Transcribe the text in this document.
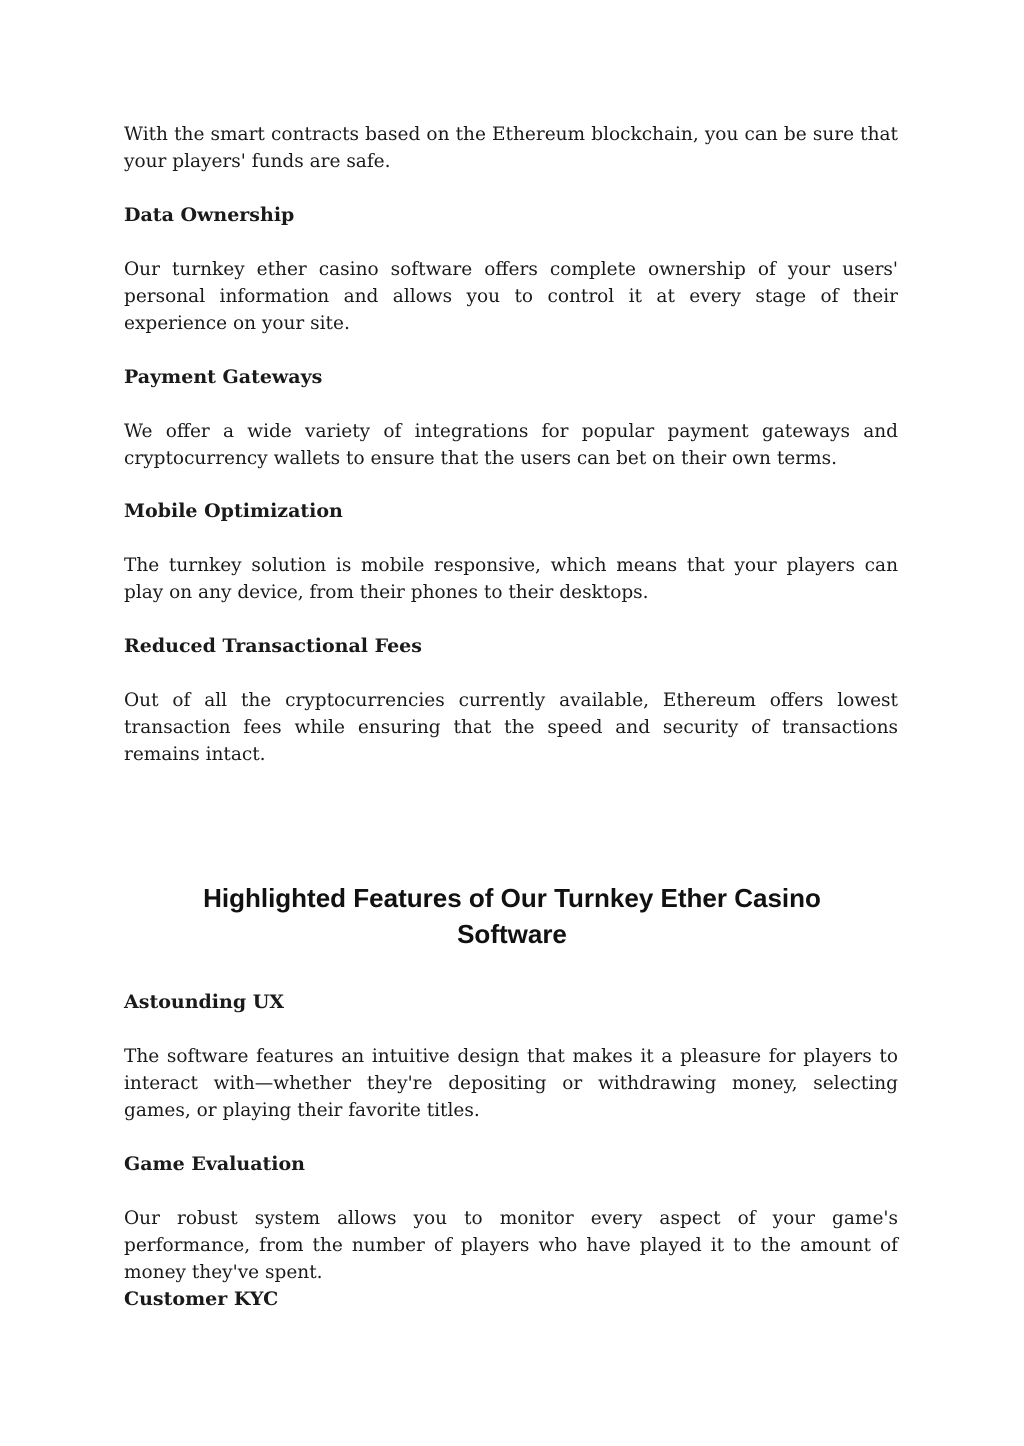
With the smart contracts based on the Ethereum blockchain, you can be sure that your players' funds are safe.

Data Ownership

Our turnkey ether casino software offers complete ownership of your users' personal information and allows you to control it at every stage of their experience on your site.

Payment Gateways

We offer a wide variety of integrations for popular payment gateways and cryptocurrency wallets to ensure that the users can bet on their own terms.

Mobile Optimization

The turnkey solution is mobile responsive, which means that your players can play on any device, from their phones to their desktops.

Reduced Transactional Fees

Out of all the cryptocurrencies currently available, Ethereum offers lowest transaction fees while ensuring that the speed and security of transactions remains intact.

Highlighted Features of Our Turnkey Ether Casino Software
Astounding UX

The software features an intuitive design that makes it a pleasure for players to interact with—whether they're depositing or withdrawing money, selecting games, or playing their favorite titles.

Game Evaluation

Our robust system allows you to monitor every aspect of your game's performance, from the number of players who have played it to the amount of money they've spent.

Customer KYC
